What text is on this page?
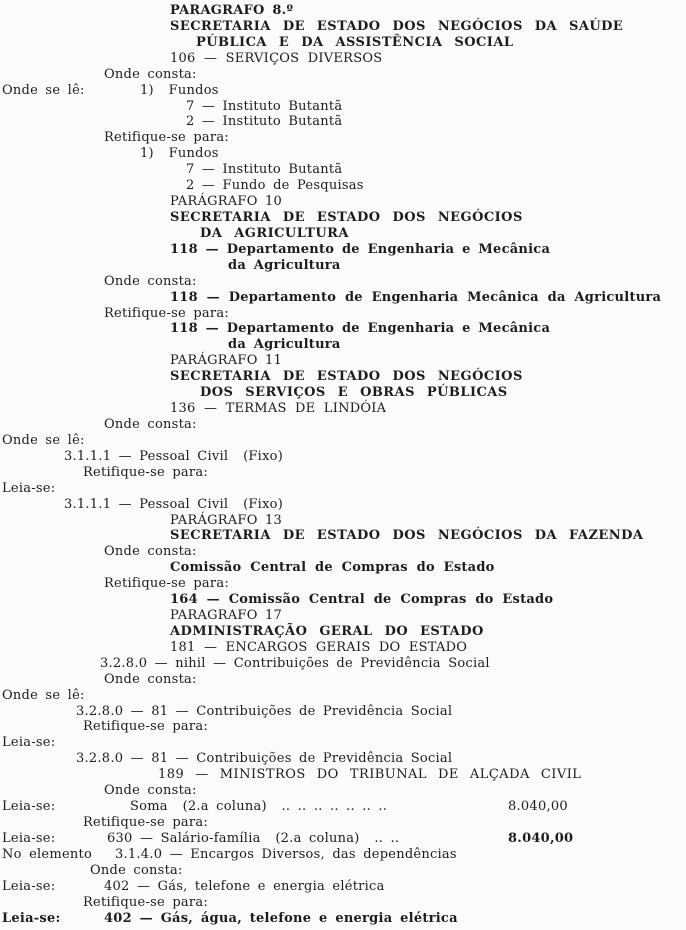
PARAGRAFO 8.º
SECRETARIA DE ESTADO DOS NEGÓCIOS DA SAÚDE
PÚBLICA E DA ASSISTÊNCIA SOCIAL
106 — SERVIÇOS DIVERSOS
Onde consta:
Onde se lê:	1)  Fundos
7 — Instituto Butantã
2 — Instituto Butantã
Retifique-se para:
1)  Fundos
7 — Instituto Butantã
2 — Fundo de Pesquisas
PARÁGRAFO 10
SECRETARIA DE ESTADO DOS NEGÓCIOS
DA AGRICULTURA
118 — Departamento de Engenharia e Mecânica
da Agricultura
Onde consta:
118 — Departamento de Engenharia Mecânica da Agricultura
Retifique-se para:
118 — Departamento de Engenharia e Mecânica
da Agricultura
PARÁGRAFO 11
SECRETARIA DE ESTADO DOS NEGÓCIOS
DOS SERVIÇOS E OBRAS PÚBLICAS
136 — TERMAS DE LINDÓIA
Onde consta:
Onde se lê:
3.1.1.1 — Pessoal Civil  (Fixo)
Retifique-se para:
Leia-se:
3.1.1.1 — Pessoal Civil  (Fixo)
PARÁGRAFO 13
SECRETARIA DE ESTADO DOS NEGÓCIOS DA FAZENDA
Onde consta:
Comissão Central de Compras do Estado
Retifique-se para:
164 — Comissão Central de Compras do Estado
PARAGRAFO 17
ADMINISTRAÇÃO GERAL DO ESTADO
181 — ENCARGOS GERAIS DO ESTADO
3.2.8.0 — nihil — Contribuições de Previdência Social
Onde consta:
Onde se lê:
3.2.8.0 — 81 — Contribuições de Previdência Social
Retifique-se para:
Leia-se:
3.2.8.0 — 81 — Contribuições de Previdência Social
189 — MINISTROS DO TRIBUNAL DE ALÇADA CIVIL
Onde consta:
Leia-se:	Soma  (2.a coluna)  .. .. .. .. .. .. ..	8.040,00
Retifique-se para:
Leia-se:	630 — Salário-família  (2.a coluna)  .. ..	8.040,00
No elemento 3.1.4.0 — Encargos Diversos, das dependências
Onde consta:
Leia-se:	402 — Gás, telefone e energia elétrica
Retifique-se para:
Leia-se:	402 — Gás, água, telefone e energia elétrica
